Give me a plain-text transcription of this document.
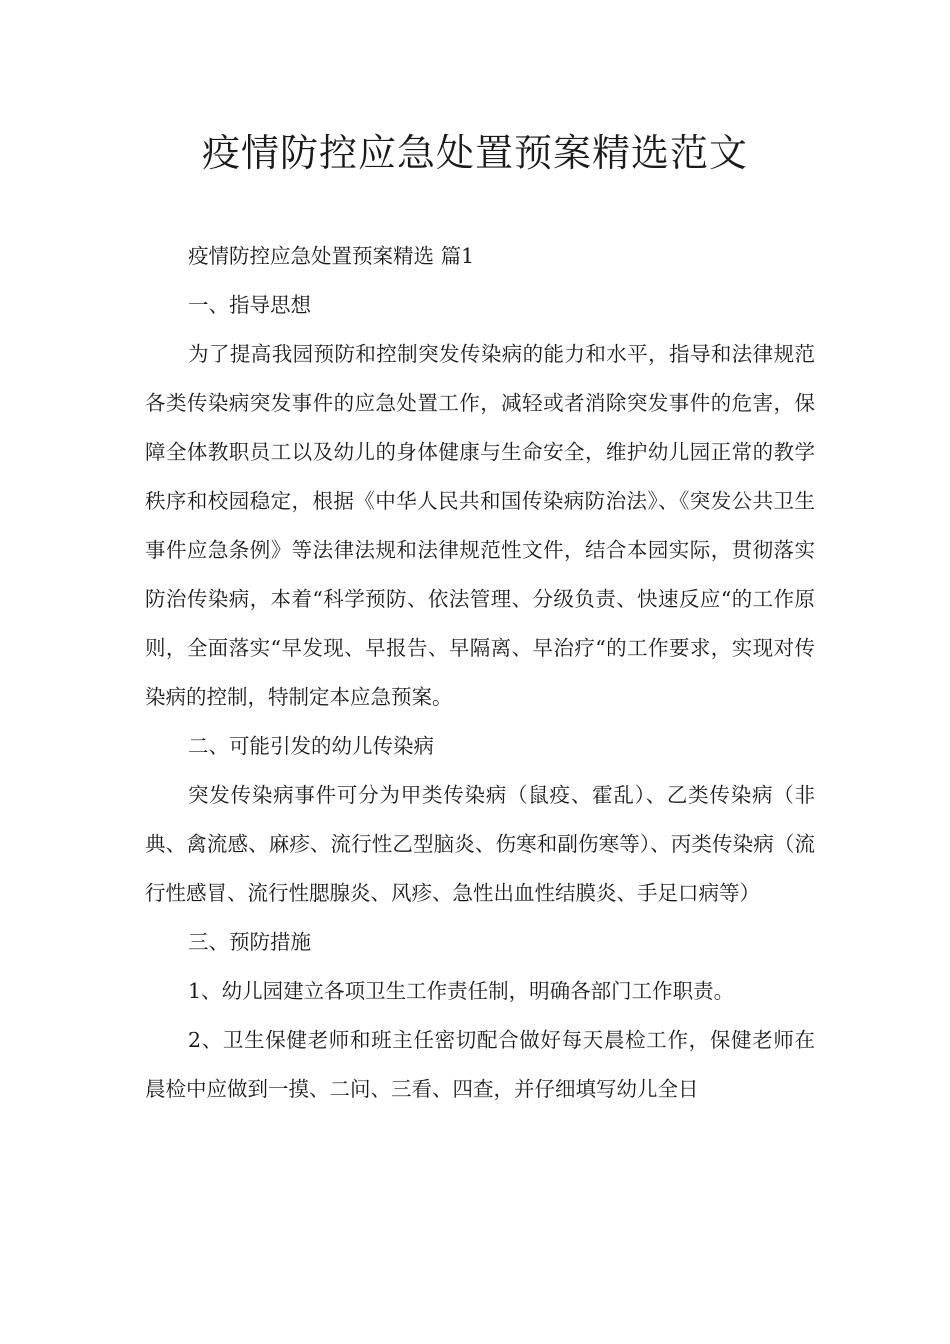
疫情防控应急处置预案精选范文

疫情防控应急处置预案精选 篇1

一、指导思想

为了提高我园预防和控制突发传染病的能力和水平，指导和法律规范各类传染病突发事件的应急处置工作，减轻或者消除突发事件的危害，保障全体教职员工以及幼儿的身体健康与生命安全，维护幼儿园正常的教学秩序和校园稳定，根据《中华人民共和国传染病防治法》、《突发公共卫生事件应急条例》等法律法规和法律规范性文件，结合本园实际，贯彻落实防治传染病，本着“科学预防、依法管理、分级负责、快速反应“的工作原则，全面落实“早发现、早报告、早隔离、早治疗“的工作要求，实现对传染病的控制，特制定本应急预案。

二、可能引发的幼儿传染病

突发传染病事件可分为甲类传染病（鼠疫、霍乱）、乙类传染病（非典、禽流感、麻疹、流行性乙型脑炎、伤寒和副伤寒等）、丙类传染病（流行性感冒、流行性腮腺炎、风疹、急性出血性结膜炎、手足口病等）

三、预防措施

1、幼儿园建立各项卫生工作责任制，明确各部门工作职责。

2、卫生保健老师和班主任密切配合做好每天晨检工作，保健老师在晨检中应做到一摸、二问、三看、四查，并仔细填写幼儿全日
